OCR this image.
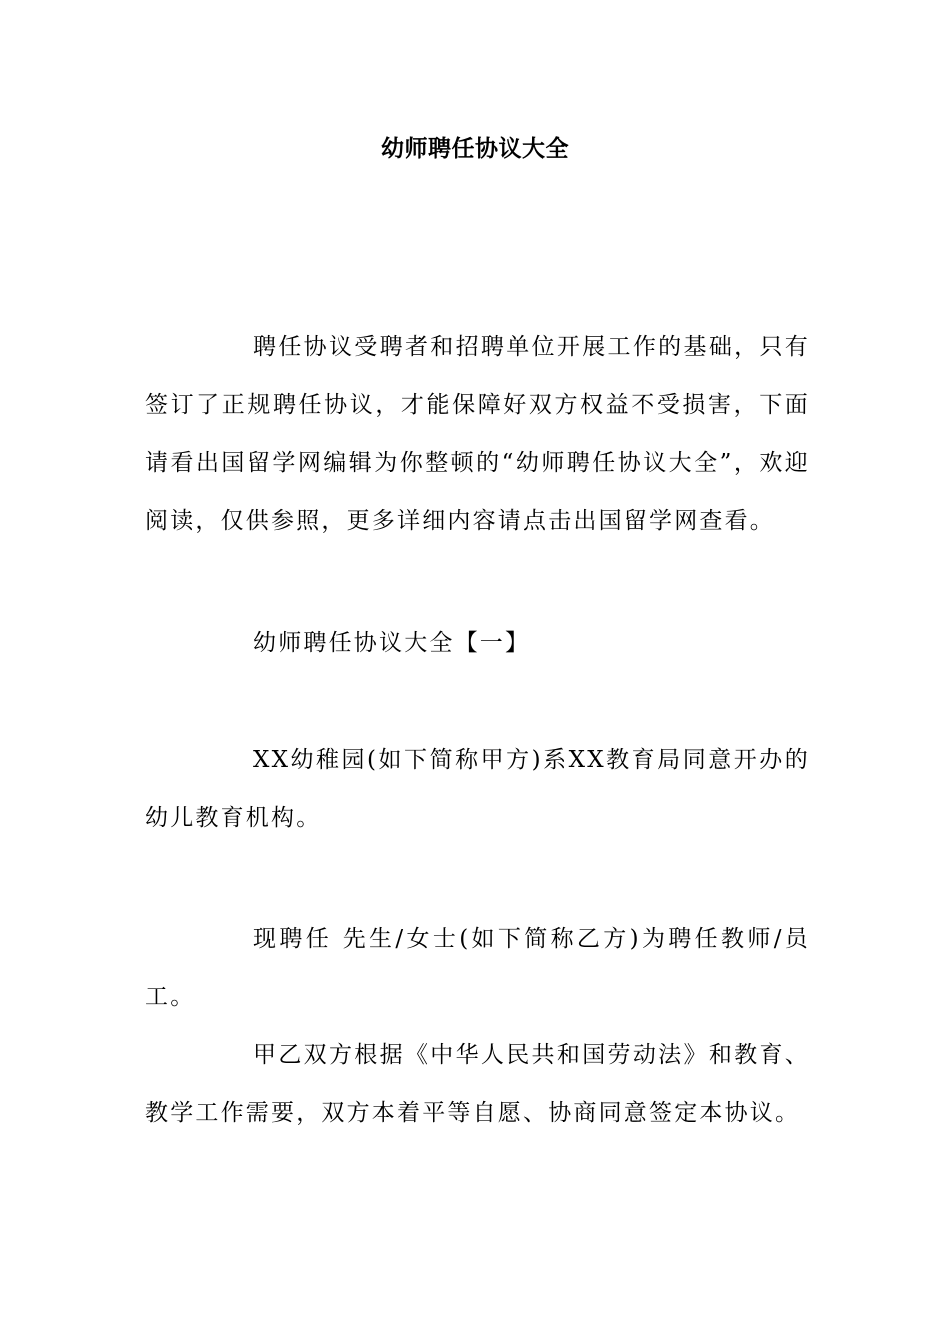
幼师聘任协议大全

聘任协议受聘者和招聘单位开展工作的基础，只有签订了正规聘任协议，才能保障好双方权益不受损害，下面请看出国留学网编辑为你整顿的“幼师聘任协议大全”，欢迎阅读，仅供参照，更多详细内容请点击出国留学网查看。

幼师聘任协议大全【一】

XX幼稚园(如下简称甲方)系XX教育局同意开办的幼儿教育机构。

现聘任 先生/女士(如下简称乙方)为聘任教师/员工。

甲乙双方根据《中华人民共和国劳动法》和教育、教学工作需要，双方本着平等自愿、协商同意签定本协议。
